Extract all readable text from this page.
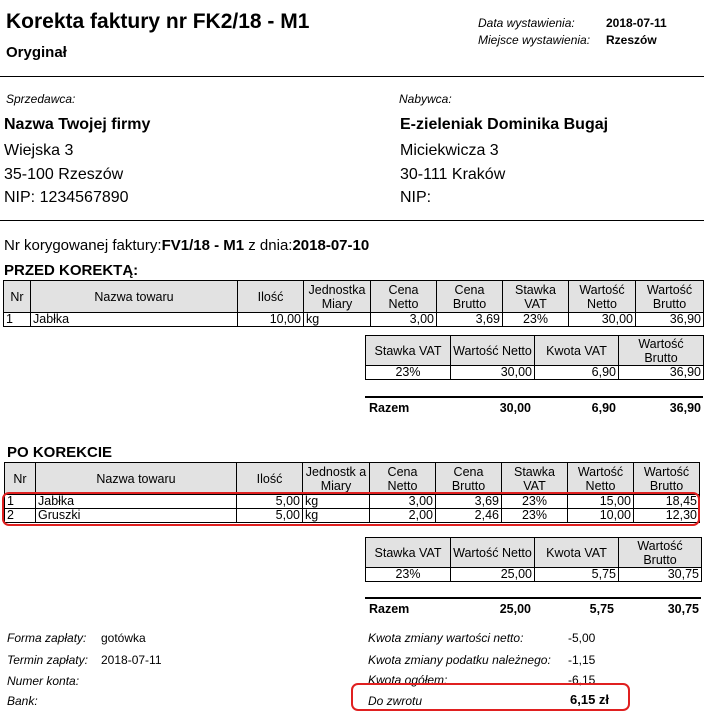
Korekta faktury nr FK2/18 - M1
Oryginał
Data wystawienia:	2018-07-11
Miejsce wystawienia: Rzeszów
Sprzedawca:
Nazwa Twojej firmy
Wiejska 3
35-100 Rzeszów
NIP: 1234567890
Nabywca:
E-zieleniak Dominika Bugaj
Miciekwicza 3
30-111 Kraków
NIP:
Nr korygowanej faktury:FV1/18 - M1 z dnia:2018-07-10
PRZED KOREKTĄ:
Nr	Nazwa towaru	Ilość	Jednostka Miary	Cena Netto	Cena Brutto	Stawka VAT	Wartość Netto	Wartość Brutto
1	Jabłka	10,00	kg	3,00	3,69	23%	30,00	36,90
Stawka VAT	Wartość Netto	Kwota VAT	Wartość Brutto
23%	30,00	6,90	36,90
Razem	30,00	6,90	36,90
PO KOREKCIE
Nr	Nazwa towaru	Ilość	Jednostk a Miary	Cena Netto	Cena Brutto	Stawka VAT	Wartość Netto	Wartość Brutto
1	Jabłka	5,00	kg	3,00	3,69	23%	15,00	18,45
2	Gruszki	5,00	kg	2,00	2,46	23%	10,00	12,30
Stawka VAT	Wartość Netto	Kwota VAT	Wartość Brutto
23%	25,00	5,75	30,75
Razem	25,00	5,75	30,75
Forma zapłaty: gotówka
Termin zapłaty: 2018-07-11
Numer konta:
Bank:
Kwota zmiany wartości netto:	-5,00
Kwota zmiany podatku należnego: -1,15
Kwota ogółem:	-6,15
Do zwrotu	6,15 zł
